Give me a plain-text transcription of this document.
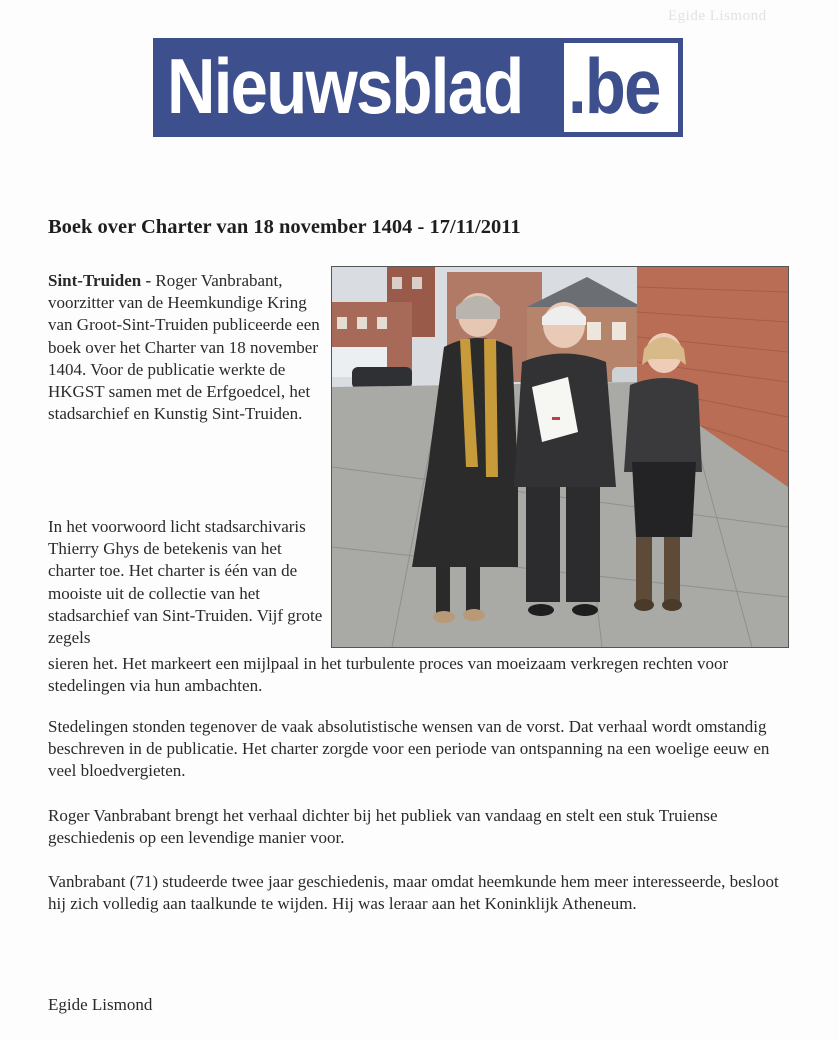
Egide Lismond
Nieuwsblad .be
Boek over Charter van 18 november 1404 - 17/11/2011

Sint-Truiden - Roger Vanbrabant, voorzitter van de Heemkundige Kring van Groot-Sint-Truiden publiceerde een boek over het Charter van 18 november 1404. Voor de publicatie werkte de HKGST samen met de Erfgoedcel, het stadsarchief en Kunstig Sint-Truiden.

In het voorwoord licht stadsarchivaris Thierry Ghys de betekenis van het charter toe. Het charter is één van de mooiste uit de collectie van het stadsarchief van Sint-Truiden. Vijf grote zegels

sieren het. Het markeert een mijlpaal in het turbulente proces van moeizaam verkregen rechten voor stedelingen via hun ambachten.

Stedelingen stonden tegenover de vaak absolutistische wensen van de vorst. Dat verhaal wordt omstandig beschreven in de publicatie. Het charter zorgde voor een periode van ontspanning na een woelige eeuw en veel bloedvergieten.

Roger Vanbrabant brengt het verhaal dichter bij het publiek van vandaag en stelt een stuk Truiense geschiedenis op een levendige manier voor.

Vanbrabant (71) studeerde twee jaar geschiedenis, maar omdat heemkunde hem meer interesseerde, besloot hij zich volledig aan taalkunde te wijden. Hij was leraar aan het Koninklijk Atheneum.

Egide Lismond
